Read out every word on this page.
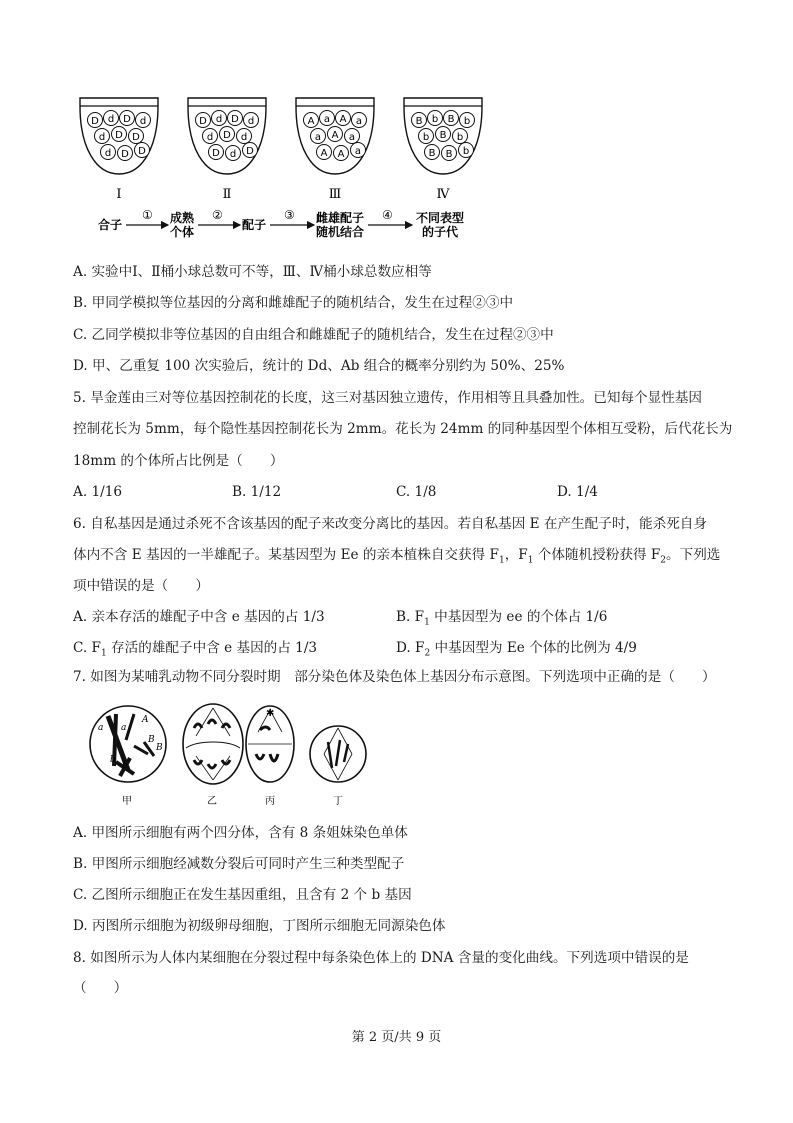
D d D d
d D D
d D D
Ⅰ
D d D d
d D d
D d D
Ⅱ
A a A a
a A a
A A a
Ⅲ
B b B b
b B b
B B b
Ⅳ
合子
① 成熟
个体
②
配子
③ 雌雄配子
随机结合
④ 不同表型
的子代
A. 实验中Ⅰ、Ⅱ桶小球总数可不等，Ⅲ、Ⅳ桶小球总数应相等
B. 甲同学模拟等位基因的分离和雌雄配子的随机结合，发生在过程②③中
C. 乙同学模拟非等位基因的自由组合和雌雄配子的随机结合，发生在过程②③中
D. 甲、乙重复 100 次实验后，统计的 Dd、Ab 组合的概率分别约为 50%、25%
5. 旱金莲由三对等位基因控制花的长度，这三对基因独立遗传，作用相等且具叠加性。已知每个显性基因
控制花长为 5mm，每个隐性基因控制花长为 2mm。花长为 24mm 的同种基因型个体相互受粉，后代花长为
18mm 的个体所占比例是（　　）
A. 1/16	B. 1/12	C. 1/8	D. 1/4
6. 自私基因是通过杀死不含该基因的配子来改变分离比的基因。若自私基因 E 在产生配子时，能杀死自身
体内不含 E 基因的一半雄配子。某基因型为 Ee 的亲本植株自交获得 $F_1$，$F_1$ 个体随机授粉获得 $F_2$。下列选
项中错误的是（　　）
A. 亲本存活的雄配子中含 e 基因的占 1/3	B. $F_1$ 中基因型为 ee 的个体占 1/6
C. $F_1$ 存活的雄配子中含 e 基因的占 1/3	D. $F_2$ 中基因型为 Ee 个体的比例为 4/9
7. 如图为某哺乳动物不同分裂时期　部分染色体及染色体上基因分布示意图。下列选项中正确的是（　　）
A
a a
B
B
b
b
甲	乙
✱
丙	丁
A. 甲图所示细胞有两个四分体，含有 8 条姐妹染色单体
B. 甲图所示细胞经减数分裂后可同时产生三种类型配子
C. 乙图所示细胞正在发生基因重组，且含有 2 个 b 基因
D. 丙图所示细胞为初级卵母细胞，丁图所示细胞无同源染色体
8. 如图所示为人体内某细胞在分裂过程中每条染色体上的 DNA 含量的变化曲线。下列选项中错误的是
（　　）
第 2 页/共 9 页
